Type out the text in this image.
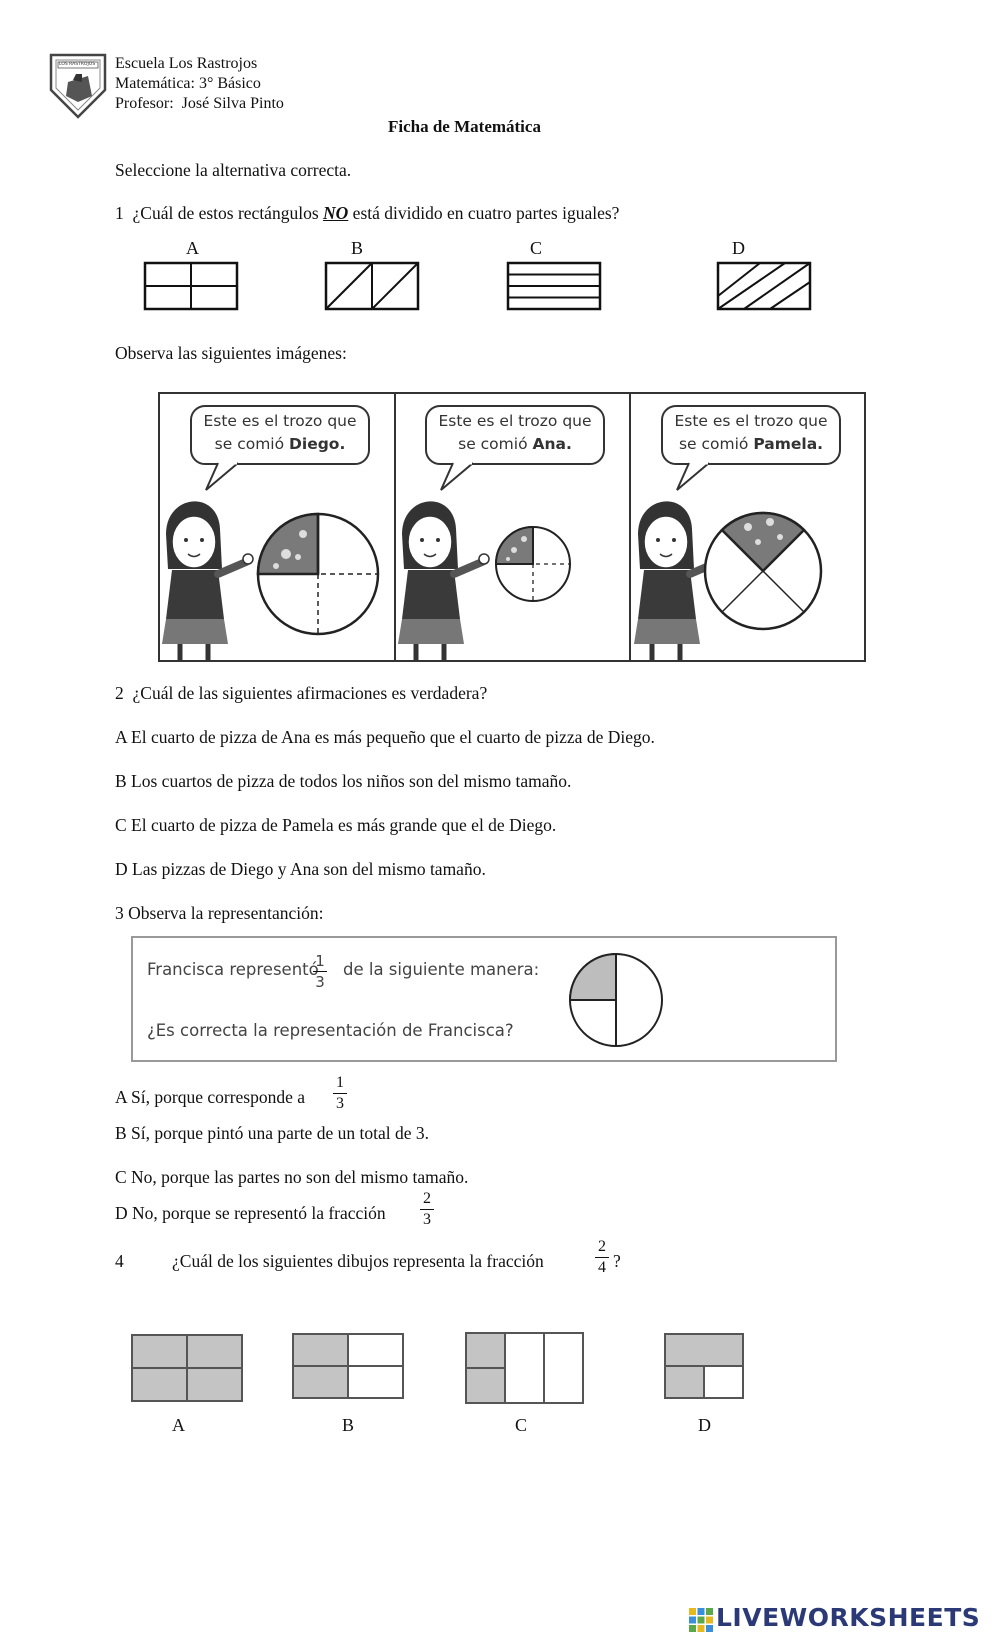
LOS RASTROJOS Escuela Los Rastrojos
Matemática: 3° Básico
Profesor:  José Silva Pinto
Ficha de Matemática
Seleccione la alternativa correcta.
1 ¿Cuál de estos rectángulos NO está dividido en cuatro partes iguales?
A	B	C	D
Observa las siguientes imágenes:
Este es el trozo que
se comió Diego.
Este es el trozo que
se comió Ana.
Este es el trozo que
se comió Pamela.
2 ¿Cuál de las siguientes afirmaciones es verdadera?
A El cuarto de pizza de Ana es más pequeño que el cuarto de pizza de Diego.
B Los cuartos de pizza de todos los niños son del mismo tamaño.
C El cuarto de pizza de Pamela es más grande que el de Diego.
D Las pizzas de Diego y Ana son del mismo tamaño.
3 Observa la representanción:
Francisca representó
1
3
de la siguiente manera:
¿Es correcta la representación de Francisca?
A Sí, porque corresponde a
1
3
B Sí, porque pintó una parte de un total de 3.
C No, porque las partes no son del mismo tamaño.
D No, porque se representó la fracción
2
3
4	¿Cuál de los siguientes dibujos representa la fracción
2
4 ?
A	B	C	D
LIVEWORKSHEETS
